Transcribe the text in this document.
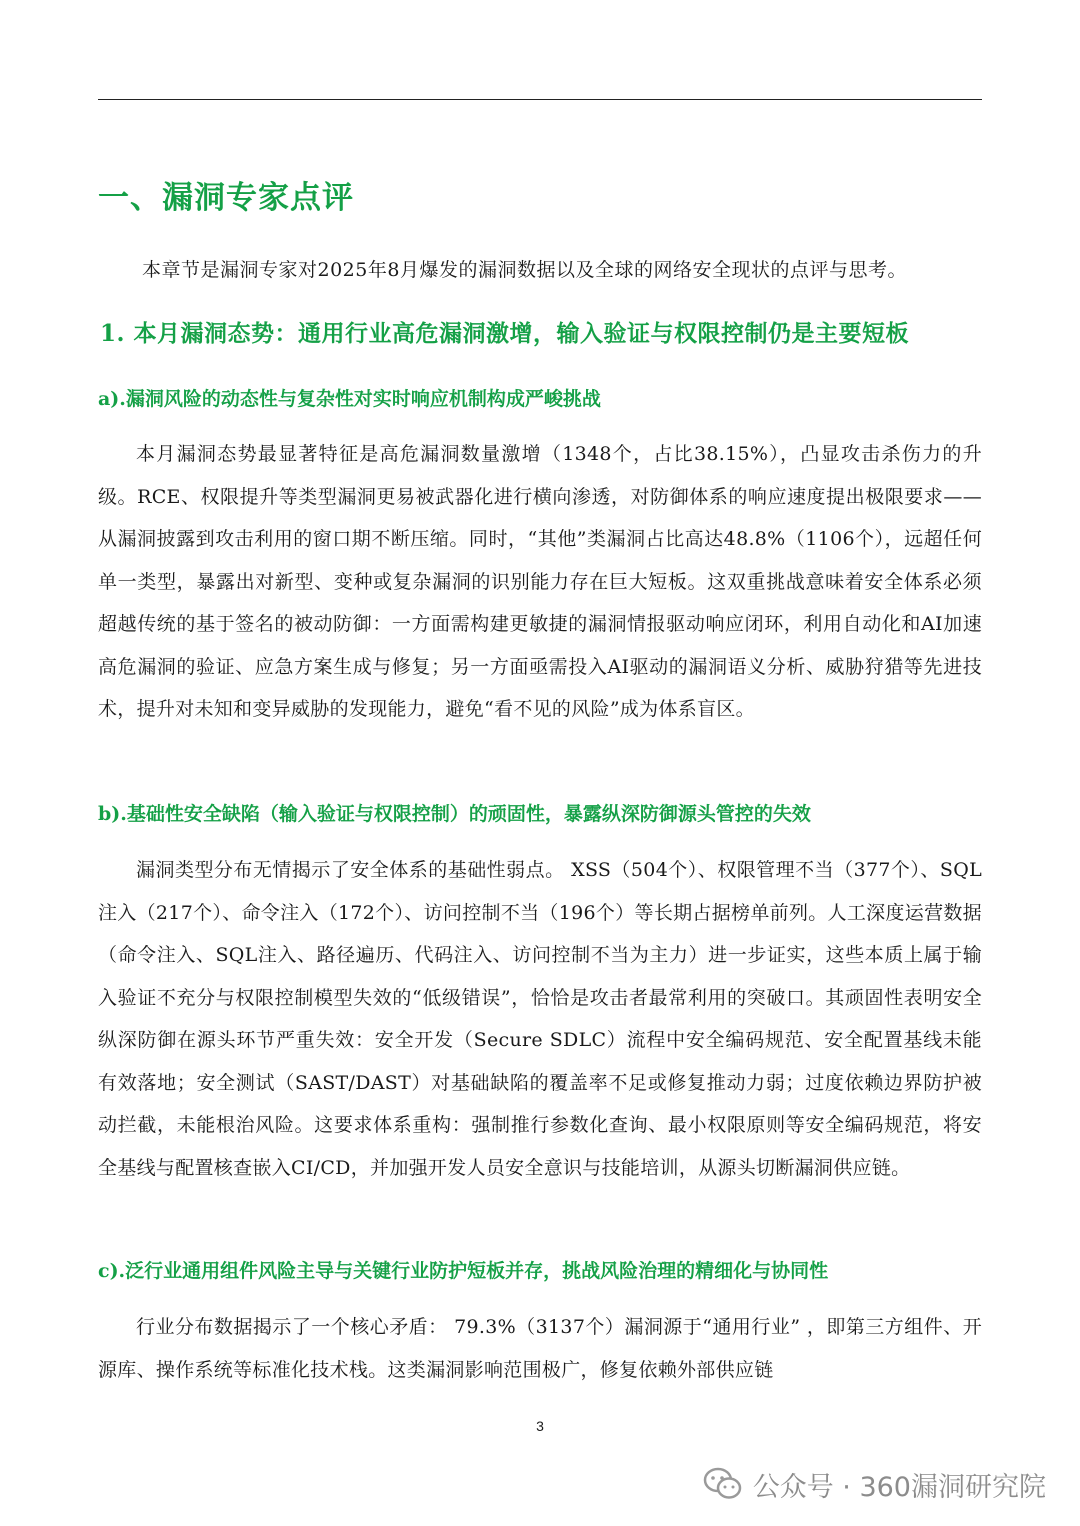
一、漏洞专家点评
本章节是漏洞专家对2025年8月爆发的漏洞数据以及全球的网络安全现状的点评与思考。
1. 本月漏洞态势：通用行业高危漏洞激增，输入验证与权限控制仍是主要短板
a).漏洞风险的动态性与复杂性对实时响应机制构成严峻挑战

本月漏洞态势最显著特征是高危漏洞数量激增（1348个，占比38.15%），凸显攻击杀伤力的升级。RCE、权限提升等类型漏洞更易被武器化进行横向渗透，对防御体系的响应速度提出极限要求——从漏洞披露到攻击利用的窗口期不断压缩。同时，“其他”类漏洞占比高达48.8%（1106个），远超任何单一类型，暴露出对新型、变种或复杂漏洞的识别能力存在巨大短板。这双重挑战意味着安全体系必须超越传统的基于签名的被动防御：一方面需构建更敏捷的漏洞情报驱动响应闭环，利用自动化和AI加速高危漏洞的验证、应急方案生成与修复；另一方面亟需投入AI驱动的漏洞语义分析、威胁狩猎等先进技术，提升对未知和变异威胁的发现能力，避免“看不见的风险”成为体系盲区。

b).基础性安全缺陷（输入验证与权限控制）的顽固性，暴露纵深防御源头管控的失效

漏洞类型分布无情揭示了安全体系的基础性弱点。 XSS（504个）、权限管理不当（377个）、SQL注入（217个）、命令注入（172个）、访问控制不当（196个）等长期占据榜单前列。人工深度运营数据（命令注入、SQL注入、路径遍历、代码注入、访问控制不当为主力）进一步证实，这些本质上属于输入验证不充分与权限控制模型失效的“低级错误”，恰恰是攻击者最常利用的突破口。其顽固性表明安全纵深防御在源头环节严重失效：安全开发（Secure SDLC）流程中安全编码规范、安全配置基线未能有效落地；安全测试（SAST/DAST）对基础缺陷的覆盖率不足或修复推动力弱；过度依赖边界防护被动拦截，未能根治风险。这要求体系重构：强制推行参数化查询、最小权限原则等安全编码规范，将安全基线与配置核查嵌入CI/CD，并加强开发人员安全意识与技能培训，从源头切断漏洞供应链。

c).泛行业通用组件风险主导与关键行业防护短板并存，挑战风险治理的精细化与协同性

行业分布数据揭示了一个核心矛盾： 79.3%（3137个）漏洞源于“通用行业” ，即第三方组件、开源库、操作系统等标准化技术栈。这类漏洞影响范围极广，修复依赖外部供应链

3
公众号 · 360漏洞研究院
